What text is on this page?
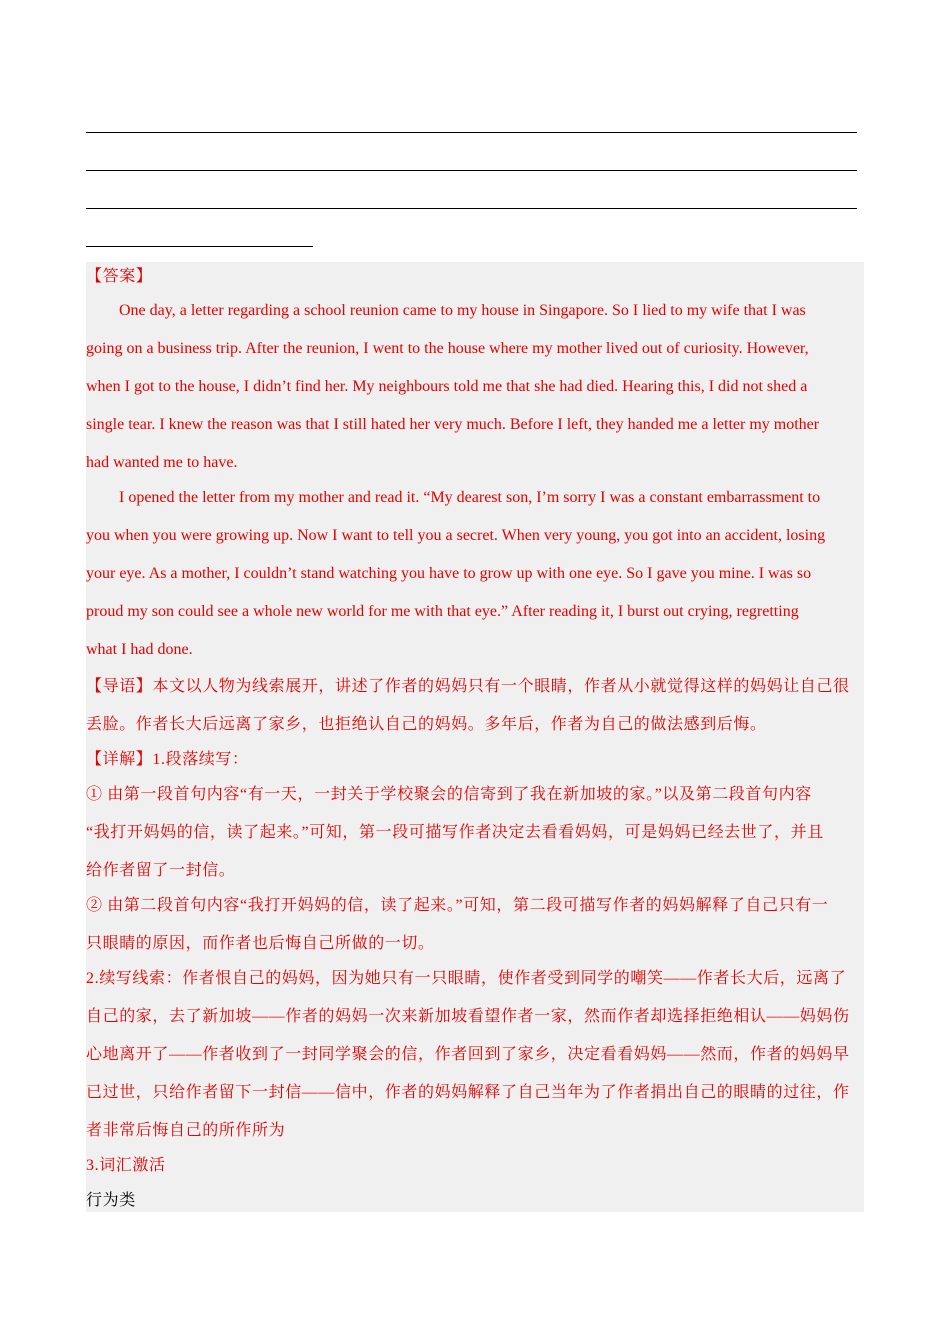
【答案】
One day, a letter regarding a school reunion came to my house in Singapore. So I lied to my wife that I was
going on a business trip. After the reunion, I went to the house where my mother lived out of curiosity. However,
when I got to the house, I didn’t find her. My neighbours told me that she had died. Hearing this, I did not shed a
single tear. I knew the reason was that I still hated her very much. Before I left, they handed me a letter my mother
had wanted me to have.
I opened the letter from my mother and read it. “My dearest son, I’m sorry I was a constant embarrassment to
you when you were growing up. Now I want to tell you a secret. When very young, you got into an accident, losing
your eye. As a mother, I couldn’t stand watching you have to grow up with one eye. So I gave you mine. I was so
proud my son could see a whole new world for me with that eye.” After reading it, I burst out crying, regretting
what I had done.
【导语】本文以人物为线索展开，讲述了作者的妈妈只有一个眼睛，作者从小就觉得这样的妈妈让自己很
丢脸。作者长大后远离了家乡，也拒绝认自己的妈妈。多年后，作者为自己的做法感到后悔。
【详解】1.段落续写：
① 由第一段首句内容“有一天，一封关于学校聚会的信寄到了我在新加坡的家。”以及第二段首句内容
“我打开妈妈的信，读了起来。”可知，第一段可描写作者决定去看看妈妈，可是妈妈已经去世了，并且
给作者留了一封信。
② 由第二段首句内容“我打开妈妈的信，读了起来。”可知，第二段可描写作者的妈妈解释了自己只有一
只眼睛的原因，而作者也后悔自己所做的一切。
2.续写线索：作者恨自己的妈妈，因为她只有一只眼睛，使作者受到同学的嘲笑——作者长大后，远离了
自己的家，去了新加坡——作者的妈妈一次来新加坡看望作者一家，然而作者却选择拒绝相认——妈妈伤
心地离开了——作者收到了一封同学聚会的信，作者回到了家乡，决定看看妈妈——然而，作者的妈妈早
已过世，只给作者留下一封信——信中，作者的妈妈解释了自己当年为了作者捐出自己的眼睛的过往，作
者非常后悔自己的所作所为
3.词汇激活
行为类
